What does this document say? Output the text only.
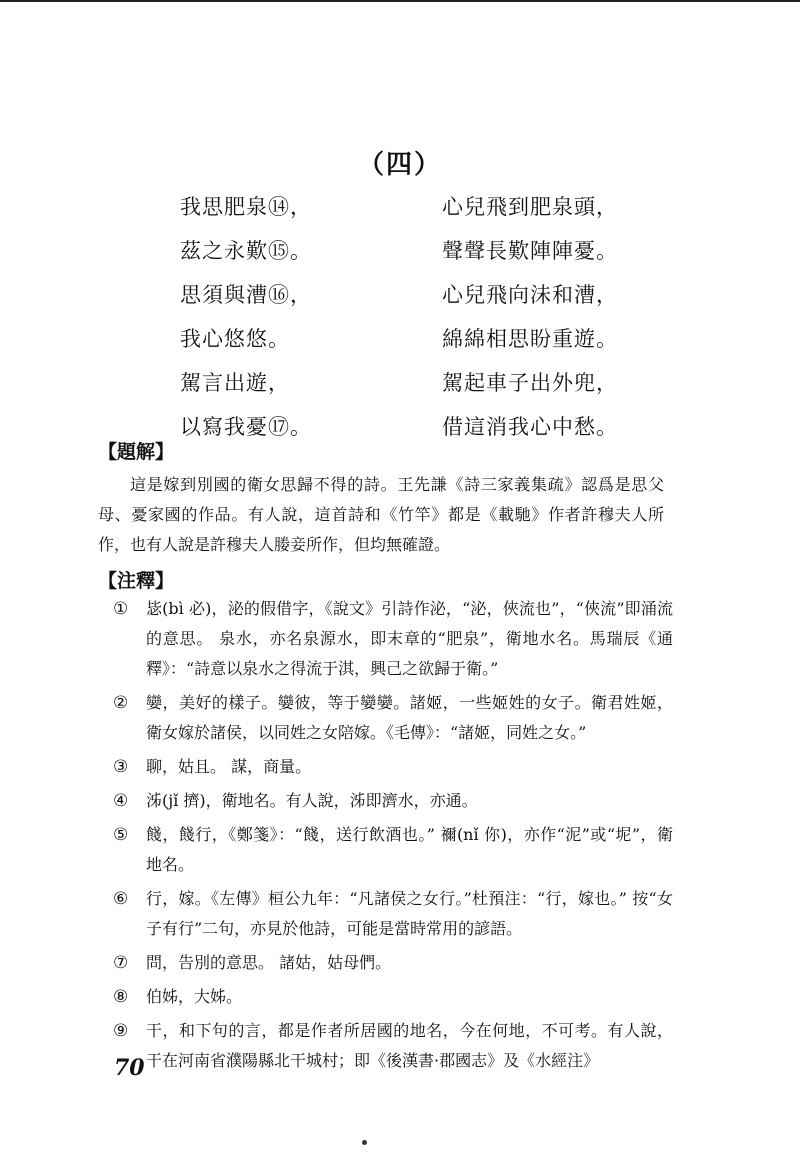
（四）
我思肥泉⑭，	心兒飛到肥泉頭，
茲之永歎⑮。	聲聲長歎陣陣憂。
思須與漕⑯，	心兒飛向沬和漕，
我心悠悠。	綿綿相思盼重遊。
駕言出遊，	駕起車子出外兜，
以寫我憂⑰。	借這消我心中愁。
【題解】
這是嫁到別國的衛女思歸不得的詩。王先謙《詩三家義集疏》認爲是思父母、憂家國的作品。有人說，這首詩和《竹竿》都是《載馳》作者許穆夫人所作，也有人說是許穆夫人媵妾所作，但均無確證。
【注釋】
① 毖(bì 必)，泌的假借字，《說文》引詩作泌，“泌，俠流也”，“俠流”即涌流的意思。 泉水，亦名泉源水，即末章的“肥泉”，衛地水名。馬瑞辰《通釋》：“詩意以泉水之得流于淇，興己之欲歸于衛。”
② 孌，美好的樣子。孌彼，等于孌孌。諸姬，一些姬姓的女子。衛君姓姬，衛女嫁於諸侯，以同姓之女陪嫁。《毛傳》：“諸姬，同姓之女。”
③ 聊，姑且。 謀，商量。
④ 泲(jǐ 擠)，衛地名。有人說，泲即濟水，亦通。
⑤ 餞，餞行，《鄭箋》：“餞，送行飲酒也。” 禰(nǐ 你)，亦作“泥”或“坭”，衛地名。
⑥ 行，嫁。《左傳》桓公九年：“凡諸侯之女行。”杜預注：“行，嫁也。” 按“女子有行”二句，亦見於他詩，可能是當時常用的諺語。
⑦ 問，告別的意思。 諸姑，姑母們。
⑧ 伯姊，大姊。
⑨ 干，和下句的言，都是作者所居國的地名，今在何地，不可考。有人說，干在河南省濮陽縣北干城村；即《後漢書·郡國志》及《水經注》
70
